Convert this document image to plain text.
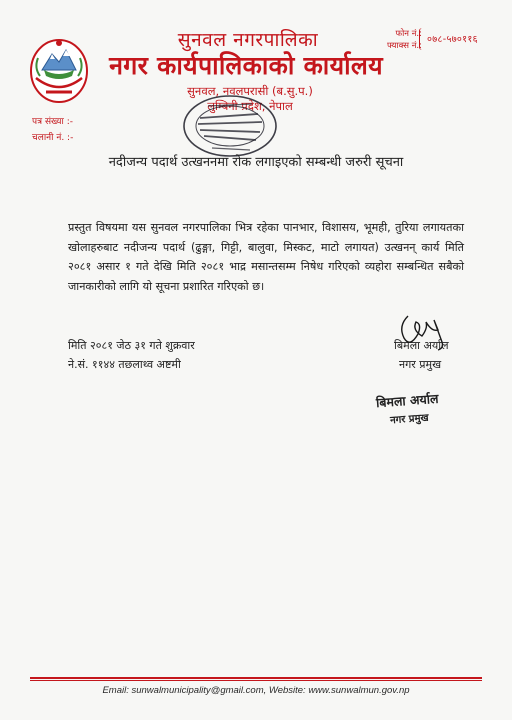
सुनवल नगरपालिका
नगर कार्यपालिकाको कार्यालय
सुनवल, नवलपरासी (ब.सु.प.)
लुम्बिनी प्रदेश, नेपाल
फोन नं.:
फ्याक्स नं.:
०७८-५७०११६
पत्र संख्या :-
चलानी नं. :-
नदीजन्य पदार्थ उत्खननमा रोक लगाइएको सम्बन्धी जरुरी सूचना
प्रस्तुत विषयमा यस सुनवल नगरपालिका भित्र रहेका पानभार, विशासय, भूमही, तुरिया लगायतका खोलाहरुबाट नदीजन्य पदार्थ (ढुङ्गा, गिट्टी, बालुवा, मिस्कट, माटो लगायत) उत्खनन् कार्य मिति २०८१ असार १ गते देखि मिति २०८१ भाद्र मसान्तसम्म निषेध गरिएको व्यहोरा सम्बन्धित सबैको जानकारीको लागि यो सूचना प्रशारित गरिएको छ।
मिति २०८१ जेठ ३१ गते शुक्रवार
ने.सं. ११४४ तछलाथ्व अष्टमी
बिमला अर्याल
नगर प्रमुख
बिमला अर्याल
नगर प्रमुख
Email: sunwalmunicipality@gmail.com, Website: www.sunwalmun.gov.np
